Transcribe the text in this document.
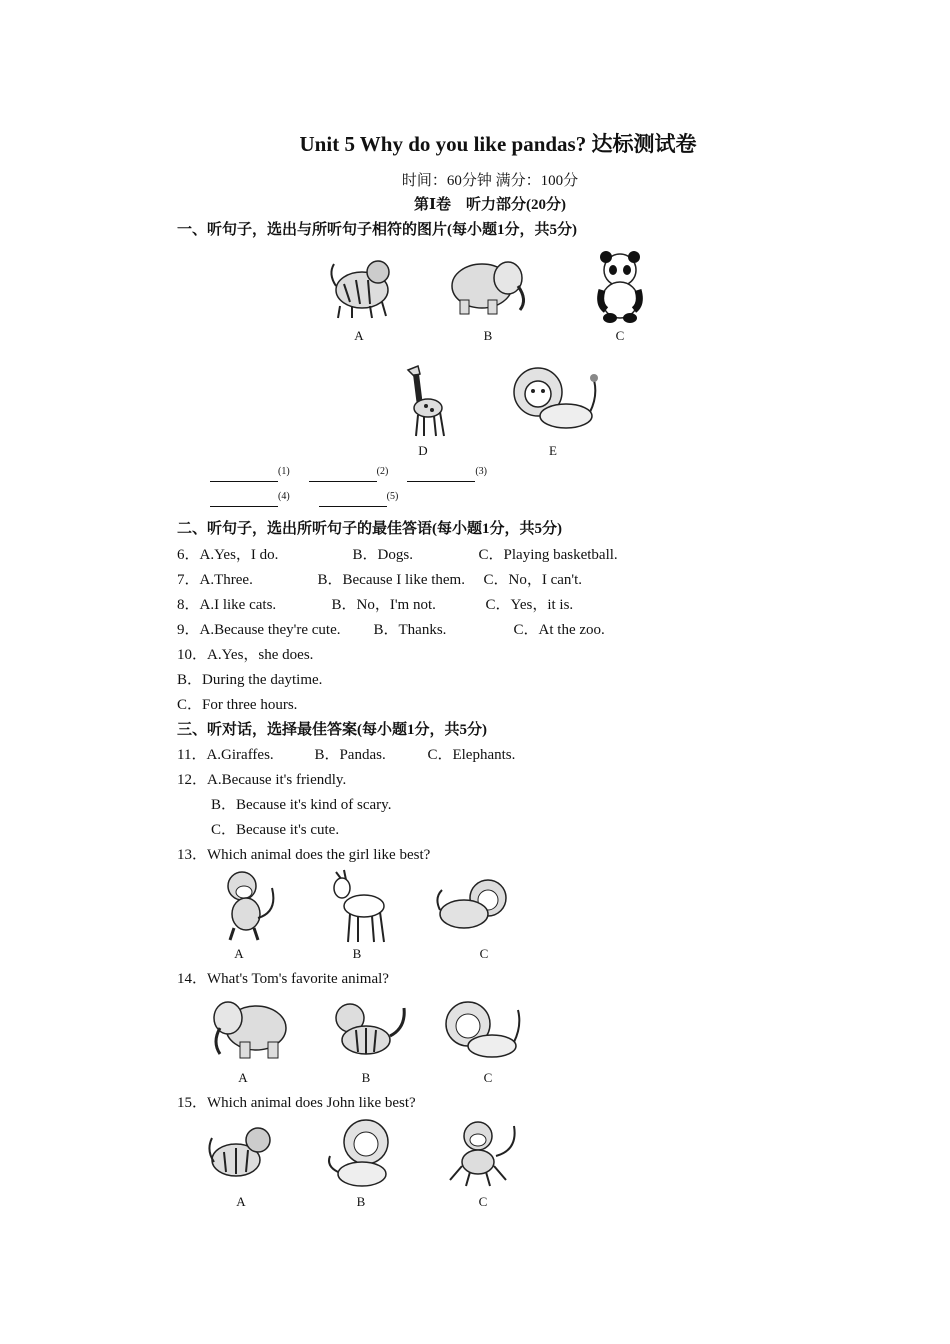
Unit 5 Why do you like pandas? 达标测试卷
时间：60分钟 满分：100分
第Ⅰ卷　听力部分(20分)
一、听句子，选出与所听句子相符的图片(每小题1分，共5分)
A	B	C
D	E
$^{(1)}$	$^{(2)}$	$^{(3)}$
$^{(4)}$	$^{(5)}$
二、听句子，选出所听句子的最佳答语(每小题1分，共5分)
6．A.Yes，I do.	B．Dogs.	C．Playing basketball.
7．A.Three.	B．Because I like them. C．No，I can't.
8．A.I like cats.	B．No，I'm not.	C．Yes，it is.
9．A.Because they're cute. B．Thanks.	C．At the zoo.
10．A.Yes，she does.
B．During the daytime.
C．For three hours.
三、听对话，选择最佳答案(每小题1分，共5分)
11．A.Giraffes.	B．Pandas.	C．Elephants.
12．A.Because it's friendly.
B．Because it's kind of scary.
C．Because it's cute.
13．Which animal does the girl like best?
A	B	C
14．What's Tom's favorite animal?
A	B	C
15．Which animal does John like best?
A	B	C
